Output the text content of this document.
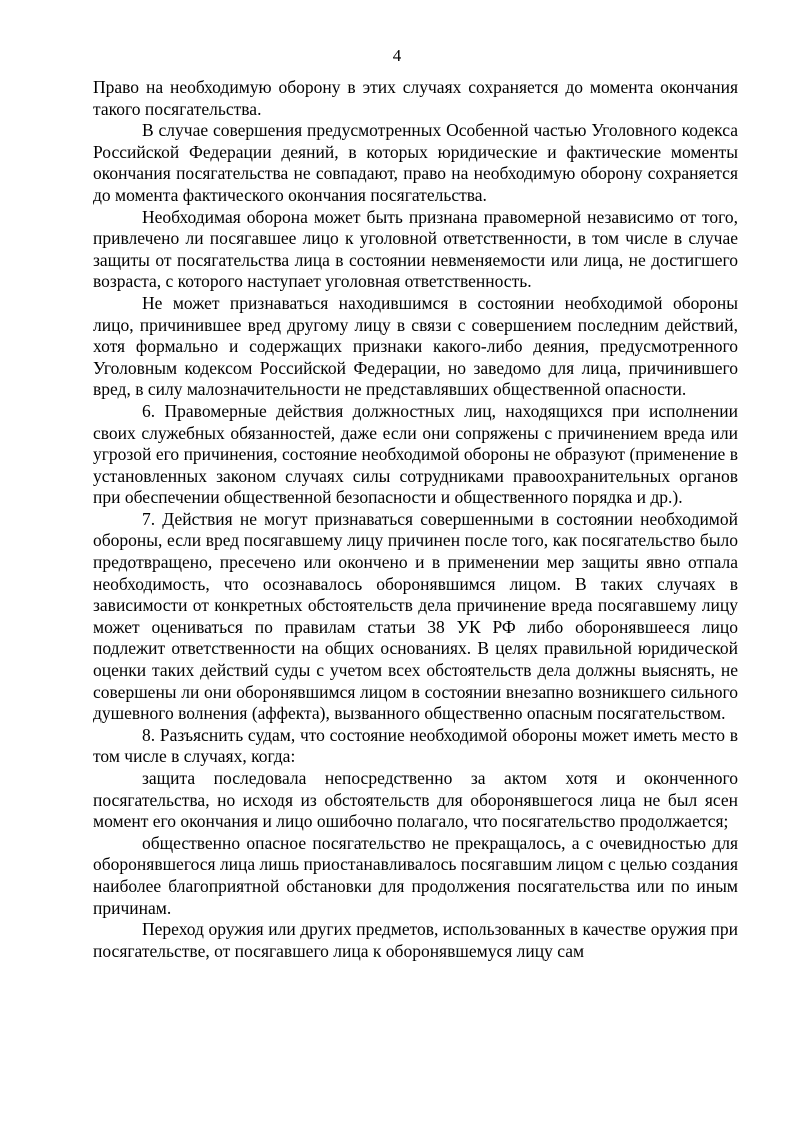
4

Право на необходимую оборону в этих случаях сохраняется до момента окончания такого посягательства.

В случае совершения предусмотренных Особенной частью Уголовного кодекса Российской Федерации деяний, в которых юридические и фактические моменты окончания посягательства не совпадают, право на необходимую оборону сохраняется до момента фактического окончания посягательства.

Необходимая оборона может быть признана правомерной независимо от того, привлечено ли посягавшее лицо к уголовной ответственности, в том числе в случае защиты от посягательства лица в состоянии невменяемости или лица, не достигшего возраста, с которого наступает уголовная ответственность.

Не может признаваться находившимся в состоянии необходимой обороны лицо, причинившее вред другому лицу в связи с совершением последним действий, хотя формально и содержащих признаки какого-либо деяния, предусмотренного Уголовным кодексом Российской Федерации, но заведомо для лица, причинившего вред, в силу малозначительности не представлявших общественной опасности.

6. Правомерные действия должностных лиц, находящихся при исполнении своих служебных обязанностей, даже если они сопряжены с причинением вреда или угрозой его причинения, состояние необходимой обороны не образуют (применение в установленных законом случаях силы сотрудниками правоохранительных органов при обеспечении общественной безопасности и общественного порядка и др.).

7. Действия не могут признаваться совершенными в состоянии необходимой обороны, если вред посягавшему лицу причинен после того, как посягательство было предотвращено, пресечено или окончено и в применении мер защиты явно отпала необходимость, что осознавалось оборонявшимся лицом. В таких случаях в зависимости от конкретных обстоятельств дела причинение вреда посягавшему лицу может оцениваться по правилам статьи 38 УК РФ либо оборонявшееся лицо подлежит ответственности на общих основаниях. В целях правильной юридической оценки таких действий суды с учетом всех обстоятельств дела должны выяснять, не совершены ли они оборонявшимся лицом в состоянии внезапно возникшего сильного душевного волнения (аффекта), вызванного общественно опасным посягательством.

8. Разъяснить судам, что состояние необходимой обороны может иметь место в том числе в случаях, когда:

защита последовала непосредственно за актом хотя и оконченного посягательства, но исходя из обстоятельств для оборонявшегося лица не был ясен момент его окончания и лицо ошибочно полагало, что посягательство продолжается;

общественно опасное посягательство не прекращалось, а с очевидностью для оборонявшегося лица лишь приостанавливалось посягавшим лицом с целью создания наиболее благоприятной обстановки для продолжения посягательства или по иным причинам.

Переход оружия или других предметов, использованных в качестве оружия при посягательстве, от посягавшего лица к оборонявшемуся лицу сам
